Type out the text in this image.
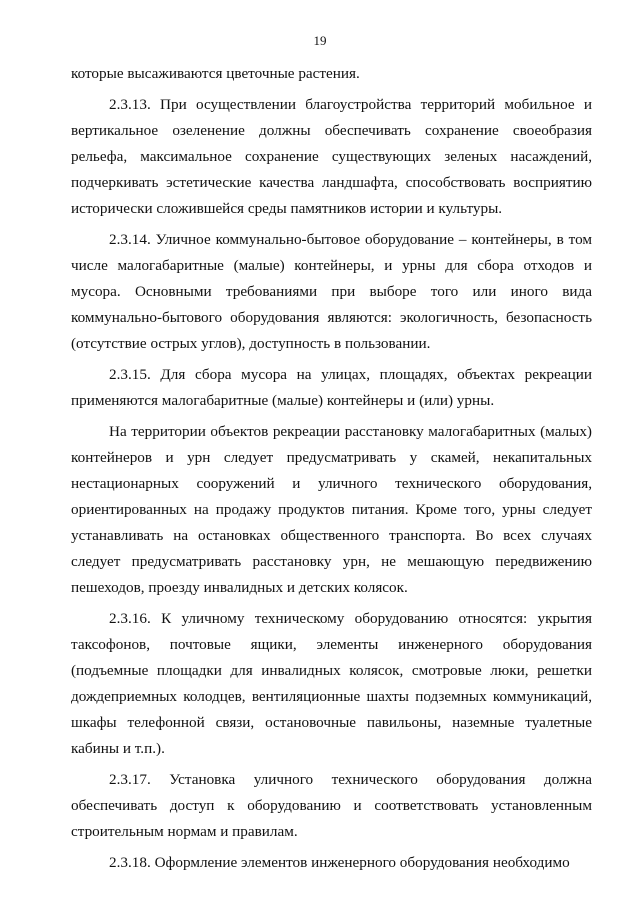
19

которые высаживаются цветочные растения.

2.3.13. При осуществлении благоустройства территорий мобильное и вертикальное озеленение должны обеспечивать сохранение своеобразия рельефа, максимальное сохранение существующих зеленых насаждений, подчеркивать эстетические качества ландшафта, способствовать восприятию исторически сложившейся среды памятников истории и культуры.

2.3.14. Уличное коммунально-бытовое оборудование – контейнеры, в том числе малогабаритные (малые) контейнеры, и урны для сбора отходов и мусора. Основными требованиями при выборе того или иного вида коммунально-бытового оборудования являются: экологичность, безопасность (отсутствие острых углов), доступность в пользовании.

2.3.15. Для сбора мусора на улицах, площадях, объектах рекреации применяются малогабаритные (малые) контейнеры и (или) урны.

На территории объектов рекреации расстановку малогабаритных (малых) контейнеров и урн следует предусматривать у скамей, некапитальных нестационарных сооружений и уличного технического оборудования, ориентированных на продажу продуктов питания. Кроме того, урны следует устанавливать на остановках общественного транспорта. Во всех случаях следует предусматривать расстановку урн, не мешающую передвижению пешеходов, проезду инвалидных и детских колясок.

2.3.16. К уличному техническому оборудованию относятся: укрытия таксофонов, почтовые ящики, элементы инженерного оборудования (подъемные площадки для инвалидных колясок, смотровые люки, решетки дождеприемных колодцев, вентиляционные шахты подземных коммуникаций, шкафы телефонной связи, остановочные павильоны, наземные туалетные кабины и т.п.).

2.3.17. Установка уличного технического оборудования должна обеспечивать доступ к оборудованию и соответствовать установленным строительным нормам и правилам.

2.3.18. Оформление элементов инженерного оборудования необходимо
